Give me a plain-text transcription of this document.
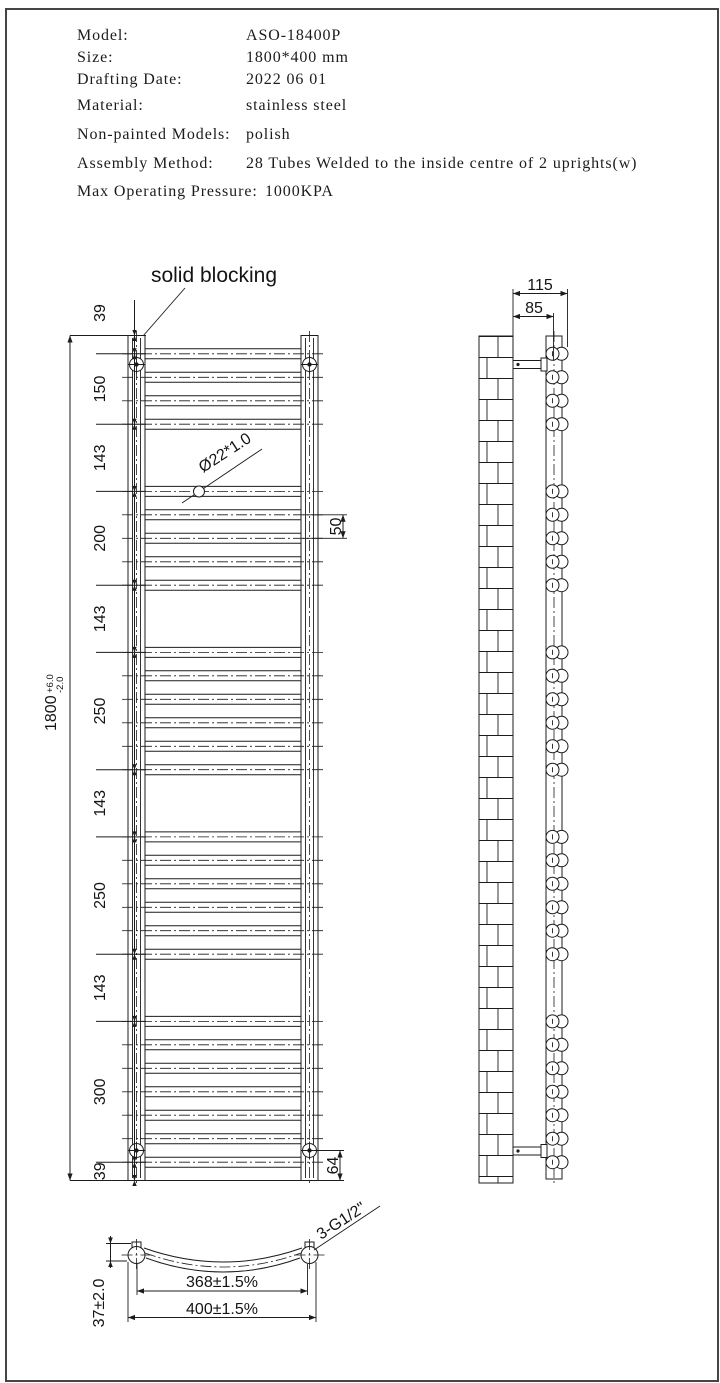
Model:	ASO-18400P
Size:	1800*400 mm
Drafting Date:	2022 06 01
Material:	stainless steel
Non-painted Models: polish
Assembly Method: 28 Tubes Welded to the inside centre of 2 uprights(w)
Max Operating Pressure: 1000KPA
39
150
143
200
143
250
143
250
143
300
39
solid blocking
1800
+6.0 -2.0
Ø22*1.0
50
64
115
85
368±1.5%
400±1.5%
37±2.0
3-G1/2"
